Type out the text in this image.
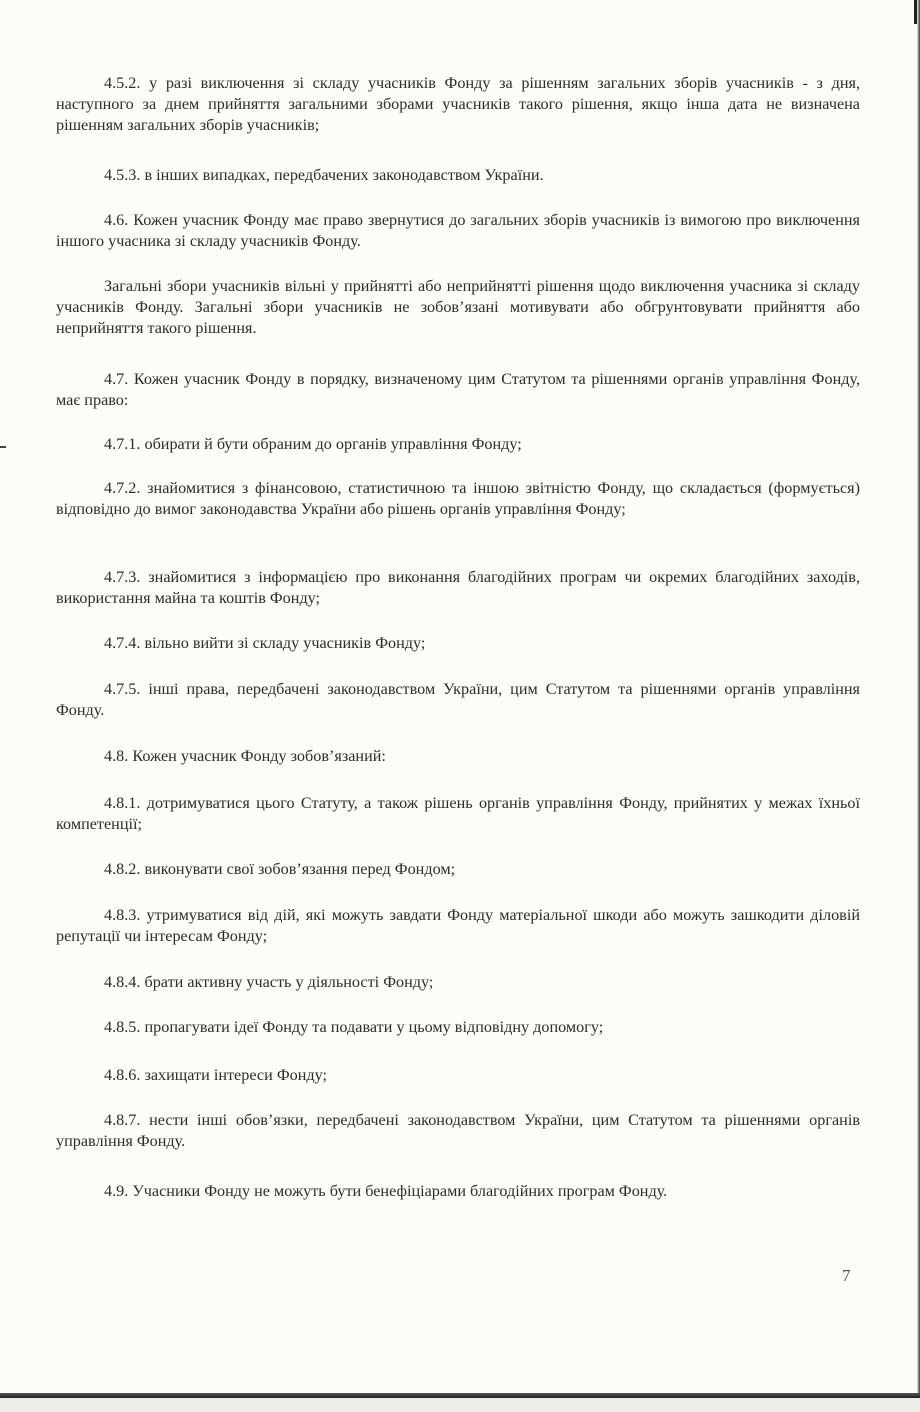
4.5.2. у разі виключення зі складу учасників Фонду за рішенням загальних зборів учасників - з дня, наступного за днем прийняття загальними зборами учасників такого рішення, якщо інша дата не визначена рішенням загальних зборів учасників;

4.5.3. в інших випадках, передбачених законодавством України.

4.6. Кожен учасник Фонду має право звернутися до загальних зборів учасників із вимогою про виключення іншого учасника зі складу учасників Фонду.

Загальні збори учасників вільні у прийнятті або неприйнятті рішення щодо виключення учасника зі складу учасників Фонду. Загальні збори учасників не зобов’язані мотивувати або обгрунтовувати прийняття або неприйняття такого рішення.

4.7. Кожен учасник Фонду в порядку, визначеному цим Статутом та рішеннями органів управління Фонду, має право:

4.7.1. обирати й бути обраним до органів управління Фонду;

4.7.2. знайомитися з фінансовою, статистичною та іншою звітністю Фонду, що складається (формується) відповідно до вимог законодавства України або рішень органів управління Фонду;

4.7.3. знайомитися з інформацією про виконання благодійних програм чи окремих благодійних заходів, використання майна та коштів Фонду;

4.7.4. вільно вийти зі складу учасників Фонду;

4.7.5. інші права, передбачені законодавством України, цим Статутом та рішеннями органів управління Фонду.

4.8. Кожен учасник Фонду зобов’язаний:

4.8.1. дотримуватися цього Статуту, а також рішень органів управління Фонду, прийнятих у межах їхньої компетенції;

4.8.2. виконувати свої зобов’язання перед Фондом;

4.8.3. утримуватися від дій, які можуть завдати Фонду матеріальної шкоди або можуть зашкодити діловій репутації чи інтересам Фонду;

4.8.4. брати активну участь у діяльності Фонду;

4.8.5. пропагувати ідеї Фонду та подавати у цьому відповідну допомогу;

4.8.6. захищати інтереси Фонду;

4.8.7. нести інші обов’язки, передбачені законодавством України, цим Статутом та рішеннями органів управління Фонду.

4.9. Учасники Фонду не можуть бути бенефіціарами благодійних програм Фонду.

7
